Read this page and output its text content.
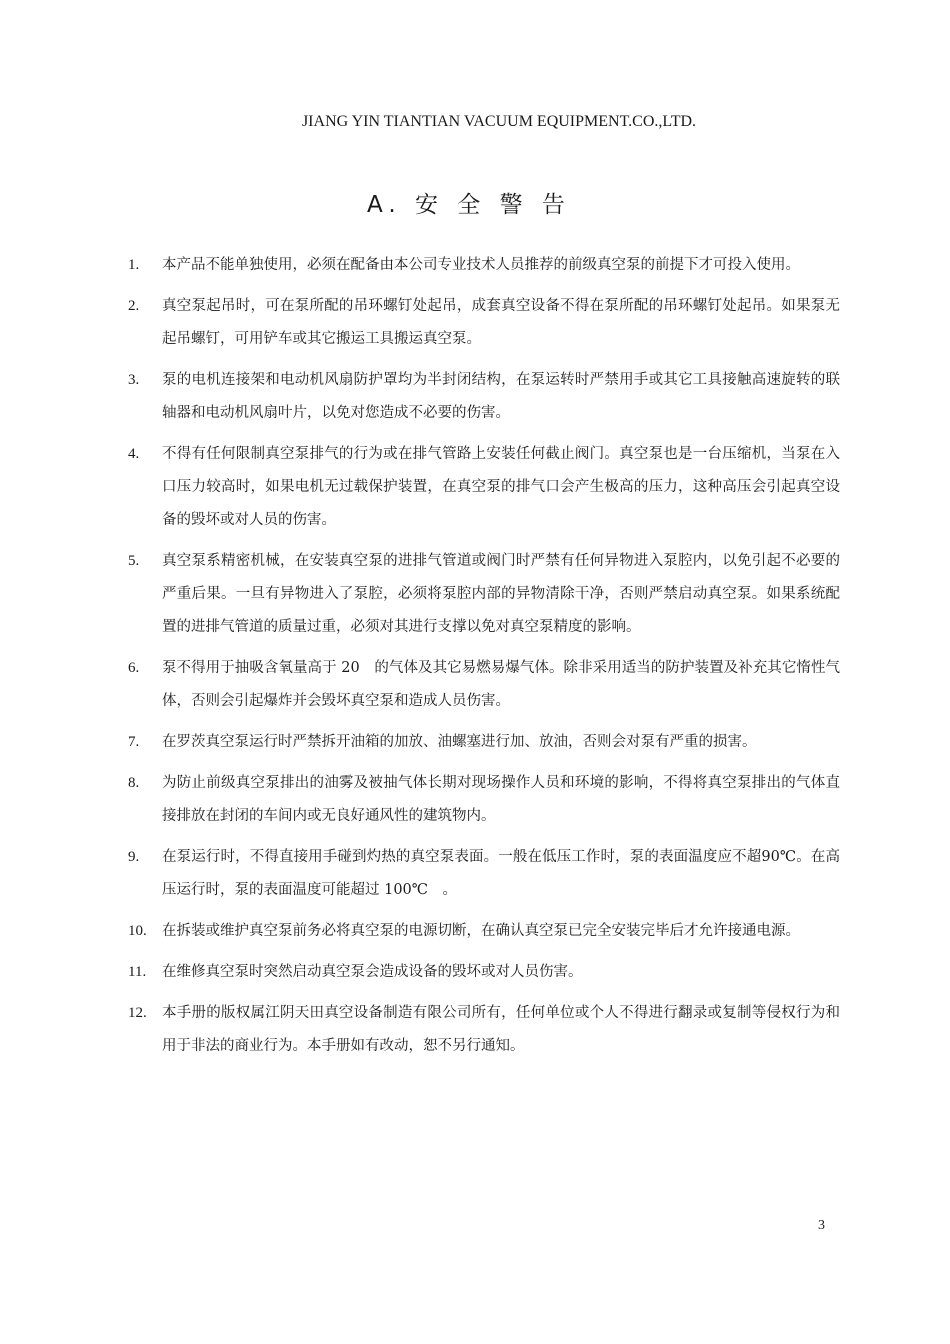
JIANG YIN TIANTIAN VACUUM EQUIPMENT.CO.,LTD.
A. 安 全 警 告
1. 本产品不能单独使用，必须在配备由本公司专业技术人员推荐的前级真空泵的前提下才可投入使用。
2. 真空泵起吊时，可在泵所配的吊环螺钉处起吊，成套真空设备不得在泵所配的吊环螺钉处起吊。如果泵无起吊螺钉，可用铲车或其它搬运工具搬运真空泵。
3. 泵的电机连接架和电动机风扇防护罩均为半封闭结构，在泵运转时严禁用手或其它工具接触高速旋转的联轴器和电动机风扇叶片，以免对您造成不必要的伤害。
4. 不得有任何限制真空泵排气的行为或在排气管路上安装任何截止阀门。真空泵也是一台压缩机，当泵在入口压力较高时，如果电机无过载保护装置，在真空泵的排气口会产生极高的压力，这种高压会引起真空设备的毁坏或对人员的伤害。
5. 真空泵系精密机械，在安装真空泵的进排气管道或阀门时严禁有任何异物进入泵腔内，以免引起不必要的严重后果。一旦有异物进入了泵腔，必须将泵腔内部的异物清除干净，否则严禁启动真空泵。如果系统配置的进排气管道的质量过重，必须对其进行支撑以免对真空泵精度的影响。
6. 泵不得用于抽吸含氧量高于 20　的气体及其它易燃易爆气体。除非采用适当的防护装置及补充其它惰性气体，否则会引起爆炸并会毁坏真空泵和造成人员伤害。
7. 在罗茨真空泵运行时严禁拆开油箱的加放、油螺塞进行加、放油，否则会对泵有严重的损害。
8. 为防止前级真空泵排出的油雾及被抽气体长期对现场操作人员和环境的影响，不得将真空泵排出的气体直接排放在封闭的车间内或无良好通风性的建筑物内。
9. 在泵运行时，不得直接用手碰到灼热的真空泵表面。一般在低压工作时，泵的表面温度应不超90℃。在高压运行时，泵的表面温度可能超过 100℃　。
10. 在拆装或维护真空泵前务必将真空泵的电源切断，在确认真空泵已完全安装完毕后才允许接通电源。
11. 在维修真空泵时突然启动真空泵会造成设备的毁坏或对人员伤害。
12. 本手册的版权属江阴天田真空设备制造有限公司所有，任何单位或个人不得进行翻录或复制等侵权行为和用于非法的商业行为。本手册如有改动，恕不另行通知。
3
